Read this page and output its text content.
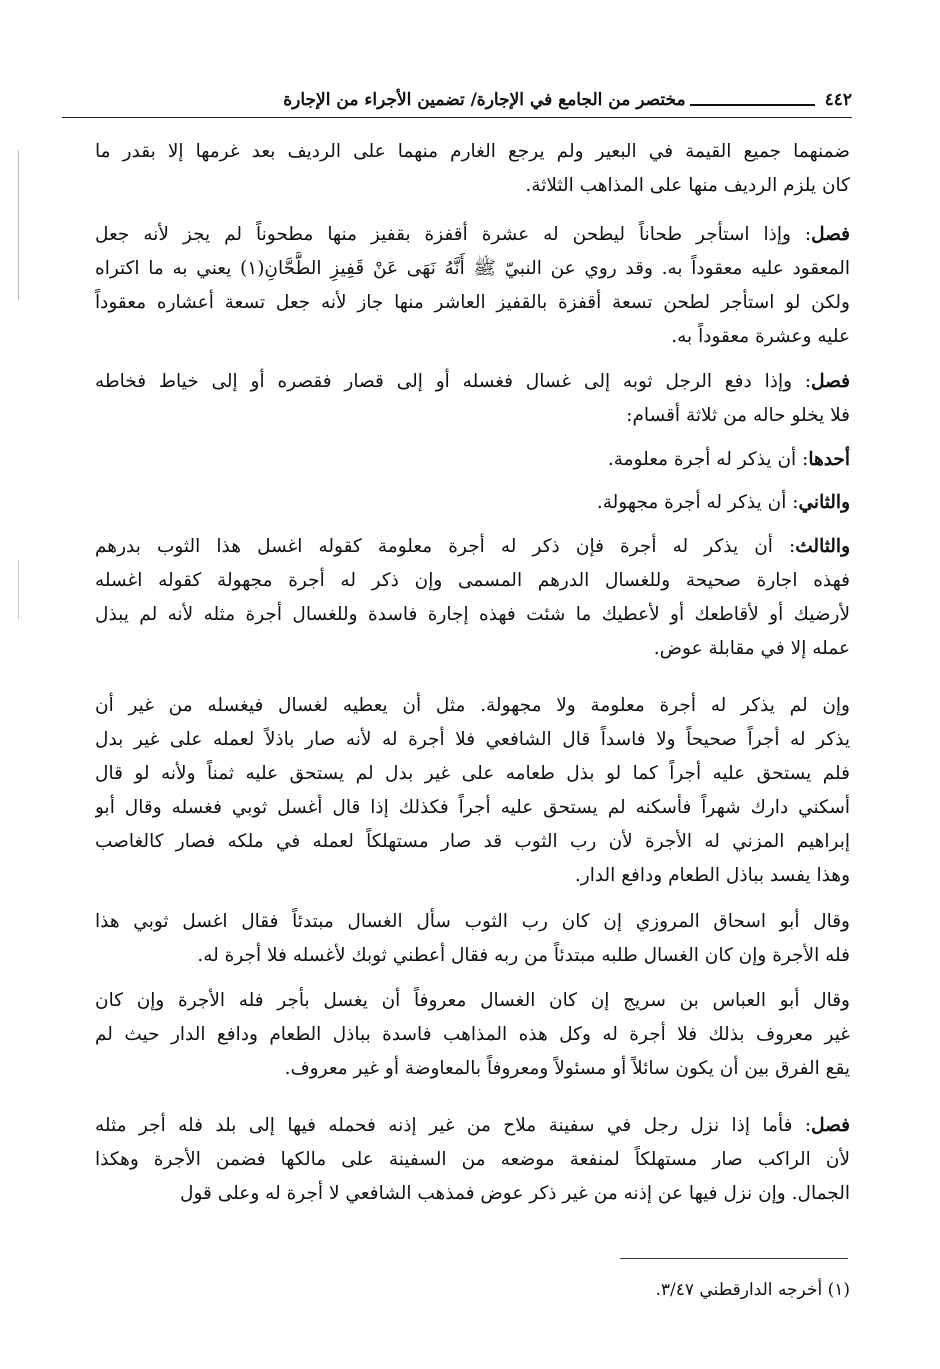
٤٤٢
مختصر من الجامع في الإجارة/ تضمين الأجراء من الإجارة
ضمنهما جميع القيمة في البعير ولم يرجع الغارم منهما على الرديف بعد غرمها إلا بقدر ما
كان يلزم الرديف منها على المذاهب الثلاثة.
فصل: وإذا استأجر طحاناً ليطحن له عشرة أقفزة بقفيز منها مطحوناً لم يجز لأنه جعل
المعقود عليه معقوداً به. وقد روي عن النبيّ ﷺ أَنَّهُ نَهَى عَنْ قَفِيزِ الطَّحَّانِ(١) يعني به ما اكتراه
ولكن لو استأجر لطحن تسعة أقفزة بالقفيز العاشر منها جاز لأنه جعل تسعة أعشاره معقوداً
عليه وعشرة معقوداً به.
فصل: وإذا دفع الرجل ثوبه إلى غسال فغسله أو إلى قصار فقصره أو إلى خياط فخاطه
فلا يخلو حاله من ثلاثة أقسام:
أحدها: أن يذكر له أجرة معلومة.
والثاني: أن يذكر له أجرة مجهولة.
والثالث: أن يذكر له أجرة فإن ذكر له أجرة معلومة كقوله اغسل هذا الثوب بدرهم
فهذه اجارة صحيحة وللغسال الدرهم المسمى وإن ذكر له أجرة مجهولة كقوله اغسله
لأرضيك أو لأقاطعك أو لأعطيك ما شئت فهذه إجارة فاسدة وللغسال أجرة مثله لأنه لم يبذل
عمله إلا في مقابلة عوض.
وإن لم يذكر له أجرة معلومة ولا مجهولة. مثل أن يعطيه لغسال فيغسله من غير أن
يذكر له أجراً صحيحاً ولا فاسداً قال الشافعي فلا أجرة له لأنه صار باذلاً لعمله على غير بدل
فلم يستحق عليه أجراً كما لو بذل طعامه على غير بدل لم يستحق عليه ثمناً ولأنه لو قال
أسكني دارك شهراً فأسكنه لم يستحق عليه أجراً فكذلك إذا قال أغسل ثوبي فغسله وقال أبو
إبراهيم المزني له الأجرة لأن رب الثوب قد صار مستهلكاً لعمله في ملكه فصار كالغاصب
وهذا يفسد بباذل الطعام ودافع الدار.
وقال أبو اسحاق المروزي إن كان رب الثوب سأل الغسال مبتدئاً فقال اغسل ثوبي هذا
فله الأجرة وإن كان الغسال طلبه مبتدئاً من ربه فقال أعطني ثوبك لأغسله فلا أجرة له.
وقال أبو العباس بن سريج إن كان الغسال معروفاً أن يغسل بأجر فله الأجرة وإن كان
غير معروف بذلك فلا أجرة له وكل هذه المذاهب فاسدة بباذل الطعام ودافع الدار حيث لم
يقع الفرق بين أن يكون سائلاً أو مسئولاً ومعروفاً بالمعاوضة أو غير معروف.
فصل: فأما إذا نزل رجل في سفينة ملاح من غير إذنه فحمله فيها إلى بلد فله أجر مثله
لأن الراكب صار مستهلكاً لمنفعة موضعه من السفينة على مالكها فضمن الأجرة وهكذا
الجمال. وإن نزل فيها عن إذنه من غير ذكر عوض فمذهب الشافعي لا أجرة له وعلى قول
(١) أخرجه الدارقطني ٣/٤٧.
